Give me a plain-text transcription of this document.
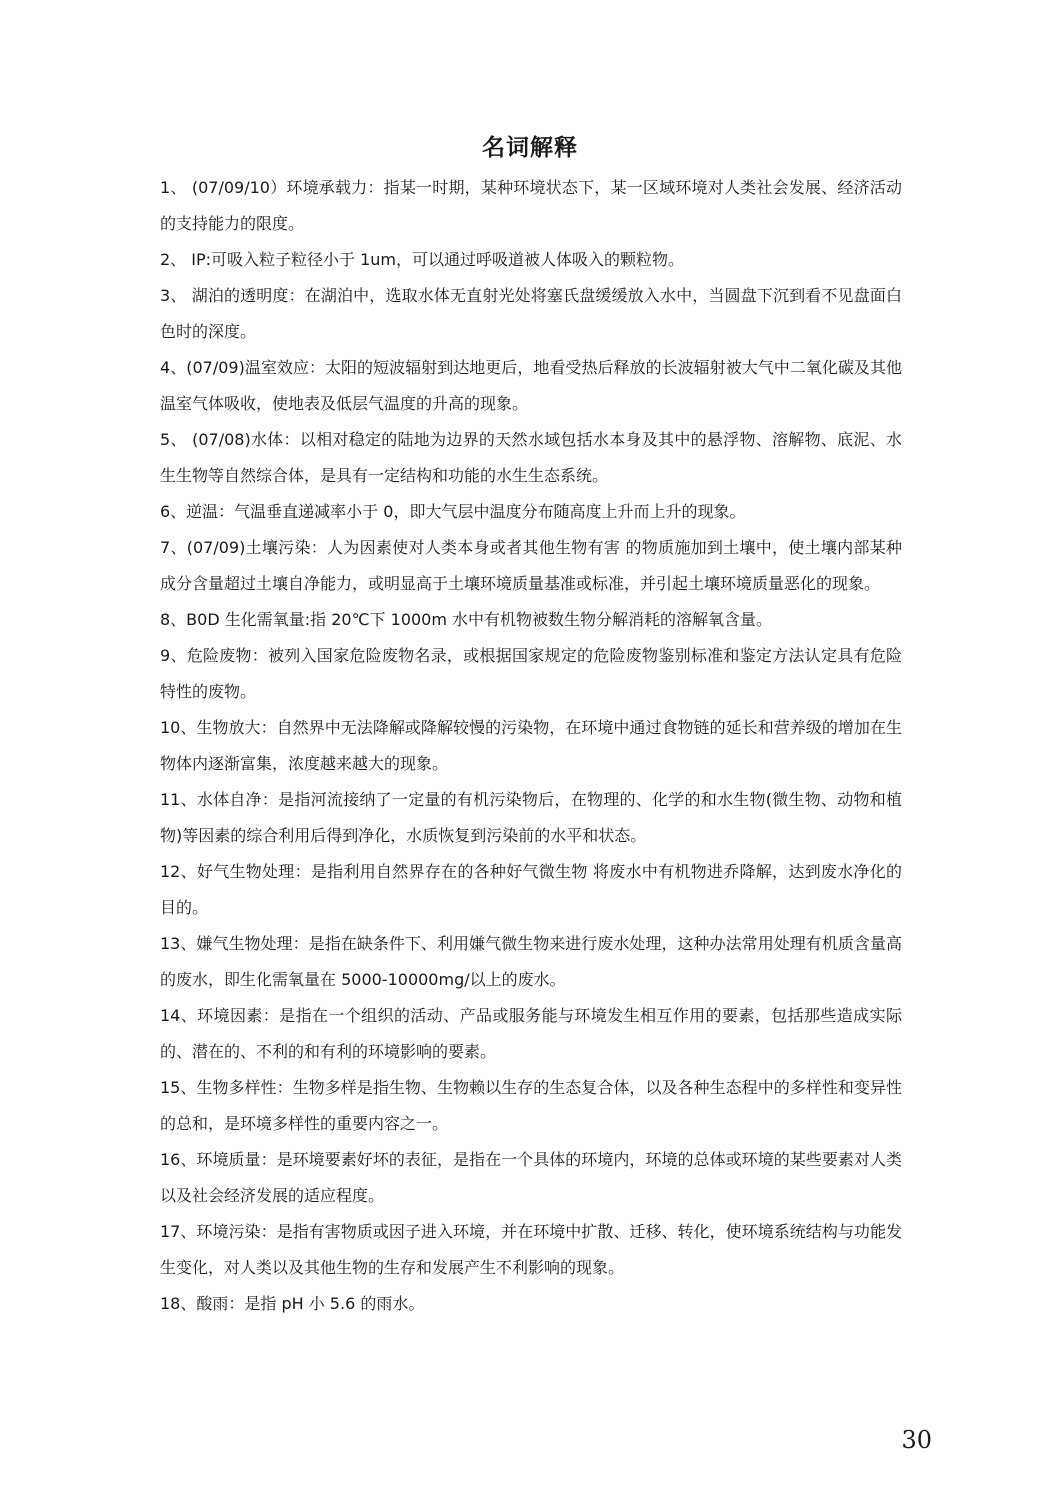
名词解释
1、 (07/09/10）环境承载力：指某一时期，某种环境状态下，某一区域环境对人类社会发展、经济活动的支持能力的限度。
2、 IP:可吸入粒子粒径小于 1um，可以通过呼吸道被人体吸入的颗粒物。
3、 湖泊的透明度：在湖泊中，选取水体无直射光处将塞氏盘缓缓放入水中，当圆盘下沉到看不见盘面白色时的深度。
4、(07/09)温室效应：太阳的短波辐射到达地更后，地看受热后释放的长波辐射被大气中二氧化碳及其他温室气体吸收，使地表及低层气温度的升高的现象。
5、 (07/08)水体：以相对稳定的陆地为边界的天然水域包括水本身及其中的悬浮物、溶解物、底泥、水生生物等自然综合体，是具有一定结构和功能的水生生态系统。
6、逆温：气温垂直递减率小于 0，即大气层中温度分布随高度上升而上升的现象。
7、(07/09)土壤污染：人为因素使对人类本身或者其他生物有害 的物质施加到土壤中，使土壤内部某种成分含量超过土壤自净能力，或明显高于土壤环境质量基准或标准，并引起土壤环境质量恶化的现象。
8、B0D 生化需氧量:指 20℃下 1000m 水中有机物被数生物分解消耗的溶解氧含量。
9、危险废物：被列入国家危险废物名录，或根据国家规定的危险废物鉴别标准和鉴定方法认定具有危险特性的废物。
10、生物放大：自然界中无法降解或降解较慢的污染物，在环境中通过食物链的延长和营养级的增加在生物体内逐渐富集，浓度越来越大的现象。
11、水体自净：是指河流接纳了一定量的有机污染物后，在物理的、化学的和水生物(微生物、动物和植物)等因素的综合利用后得到净化，水质恢复到污染前的水平和状态。
12、好气生物处理：是指利用自然界存在的各种好气微生物 将废水中有机物进乔降解，达到废水净化的目的。
13、嫌气生物处理：是指在缺条件下、利用嫌气微生物来进行废水处理，这种办法常用处理有机质含量高的废水，即生化需氧量在 5000-10000mg/以上的废水。
14、环境因素：是指在一个组织的活动、产品或服务能与环境发生相互作用的要素，包括那些造成实际的、潜在的、不利的和有利的环境影响的要素。
15、生物多样性：生物多样是指生物、生物赖以生存的生态复合体，以及各种生态程中的多样性和变异性的总和，是环境多样性的重要内容之一。
16、环境质量：是环境要素好坏的表征，是指在一个具体的环境内，环境的总体或环境的某些要素对人类以及社会经济发展的适应程度。
17、环境污染：是指有害物质或因子进入环境，并在环境中扩散、迁移、转化，使环境系统结构与功能发生变化，对人类以及其他生物的生存和发展产生不利影响的现象。
18、酸雨：是指 pH 小 5.6 的雨水。
30
